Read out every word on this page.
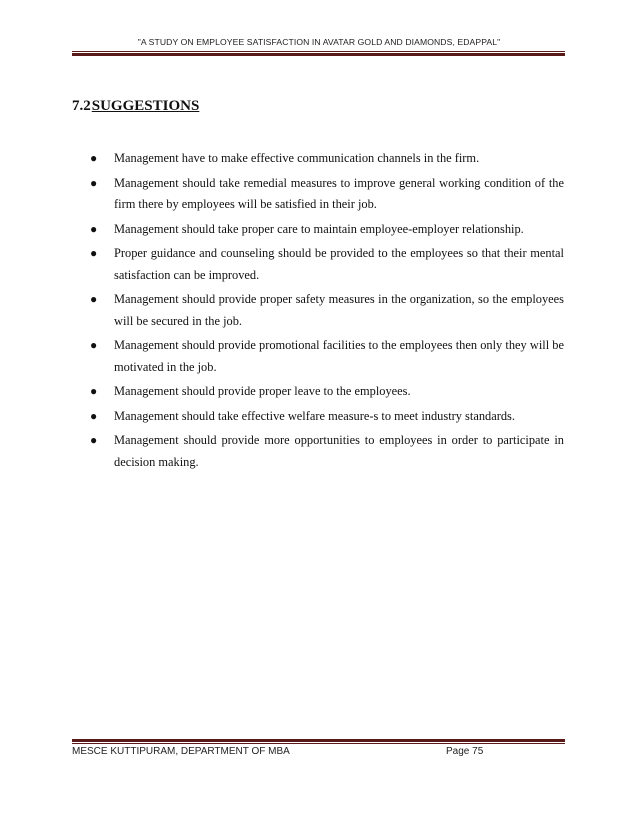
"A STUDY ON EMPLOYEE SATISFACTION IN AVATAR GOLD AND DIAMONDS, EDAPPAL"
7.2SUGGESTIONS
● Management have to make effective communication channels in the firm.
● Management should take remedial measures to improve general working condition of the firm there by employees will be satisfied in their job.
● Management should take proper care to maintain employee-employer relationship.
● Proper guidance and counseling should be provided to the employees so that their mental satisfaction can be improved.
● Management should provide proper safety measures in the organization, so the employees will be secured in the job.
● Management should provide promotional facilities to the employees then only they will be motivated in the job.
● Management should provide proper leave to the employees.
● Management should take effective welfare measure-s to meet industry standards.
● Management should provide more opportunities to employees in order to participate in decision making.
MESCE KUTTIPURAM, DEPARTMENT OF MBA	Page 75
